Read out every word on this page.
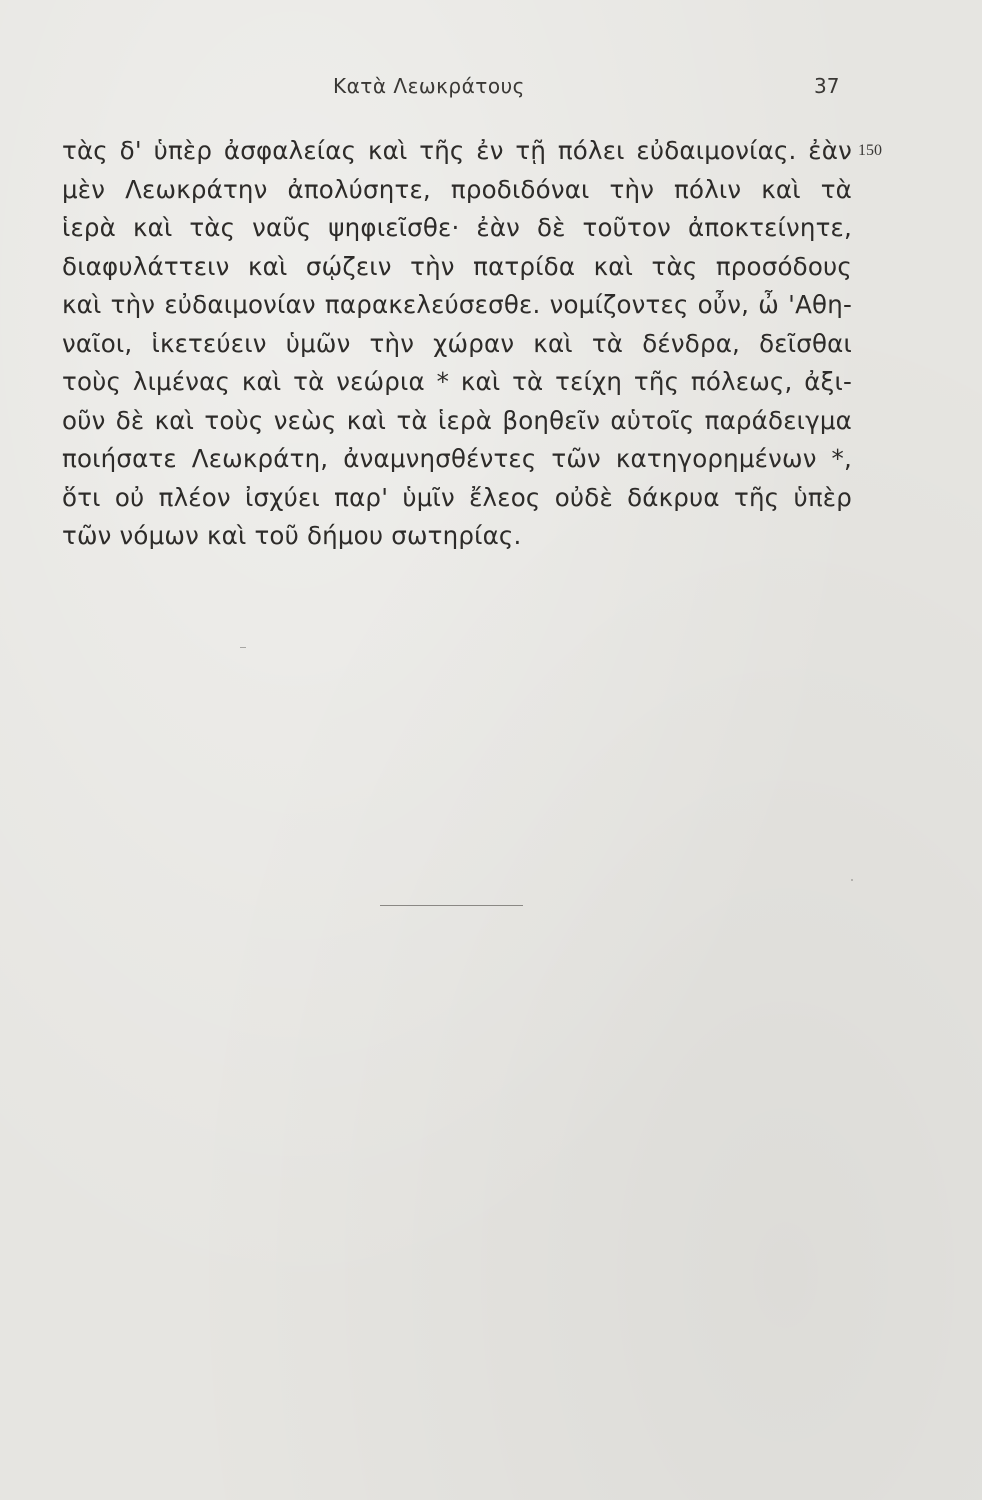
Κατὰ Λεωκράτους	37
150
τὰς δ' ὑπὲρ ἀσφαλείας καὶ τῆς ἐν τῇ πόλει εὐδαιμονίας. ἐὰν
μὲν Λεωκράτην ἀπολύσητε, προδιδόναι τὴν πόλιν καὶ τὰ
ἱερὰ καὶ τὰς ναῦς ψηφιεῖσθε· ἐὰν δὲ τοῦτον ἀποκτείνητε,
διαφυλάττειν καὶ σῴζειν τὴν πατρίδα καὶ τὰς προσόδους
καὶ τὴν εὐδαιμονίαν παρακελεύσεσθε. νομίζοντες οὖν, ὦ 'Αθη-
ναῖοι, ἱκετεύειν ὑμῶν τὴν χώραν καὶ τὰ δένδρα, δεῖσθαι
τοὺς λιμένας καὶ τὰ νεώρια * καὶ τὰ τείχη τῆς πόλεως, ἀξι-
οῦν δὲ καὶ τοὺς νεὼς καὶ τὰ ἱερὰ βοηθεῖν αὑτοῖς παράδειγμα
ποιήσατε Λεωκράτη, ἀναμνησθέντες τῶν κατηγορημένων *,
ὅτι οὐ πλέον ἰσχύει παρ' ὑμῖν ἔλεος οὐδὲ δάκρυα τῆς ὑπὲρ
τῶν νόμων καὶ τοῦ δήμου σωτηρίας.
